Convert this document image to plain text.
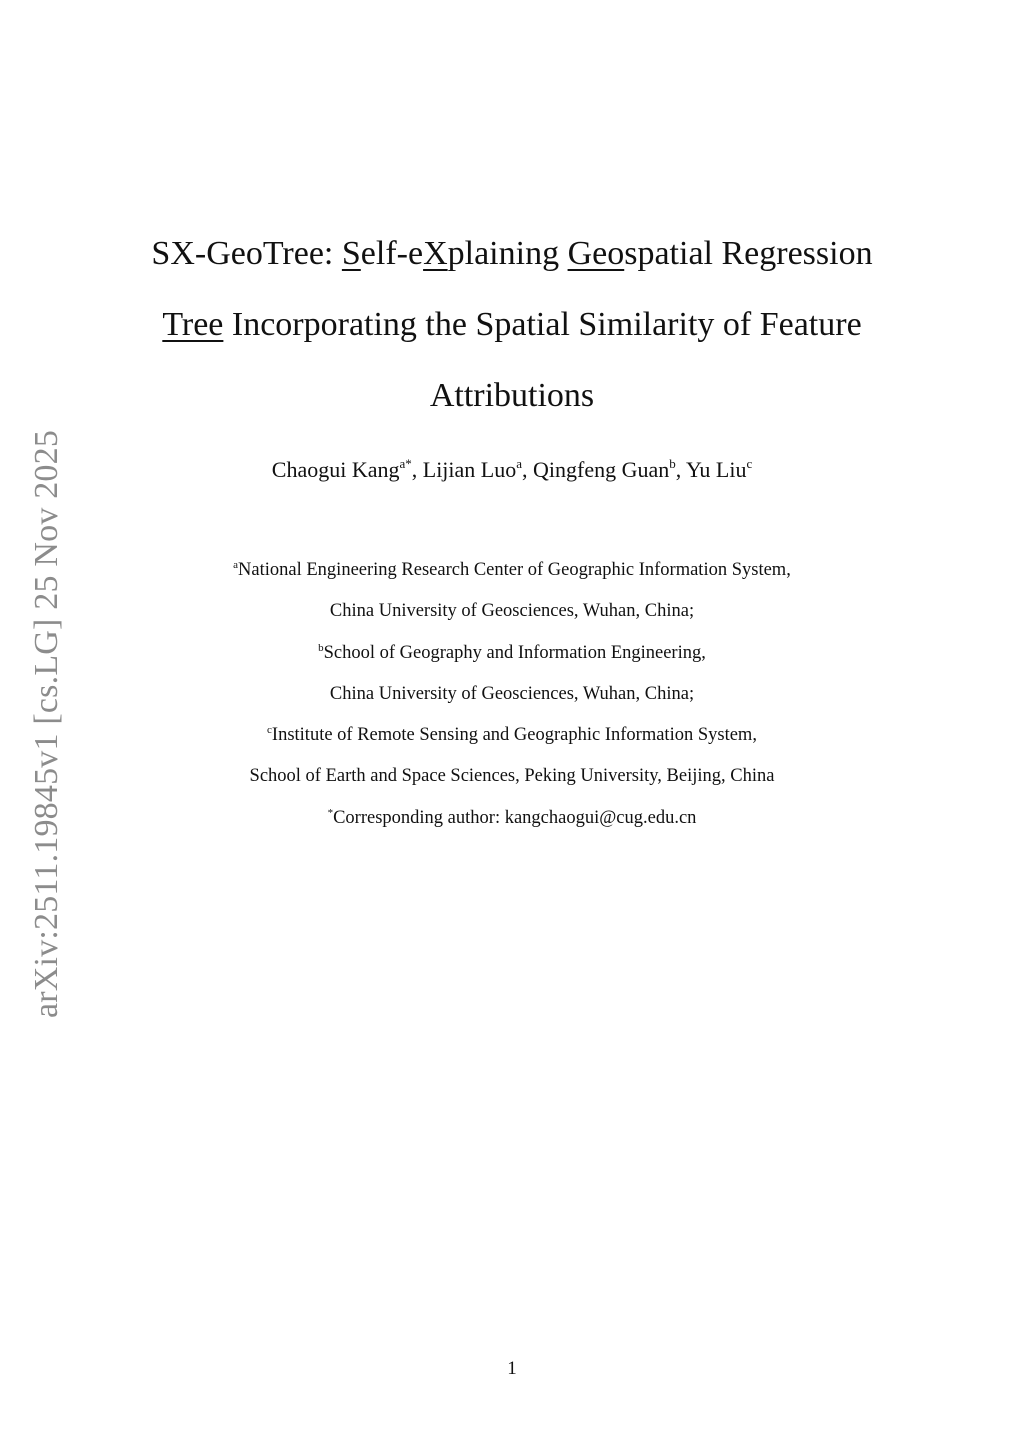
arXiv:2511.19845v1 [cs.LG] 25 Nov 2025
SX-GeoTree: Self-eXplaining Geospatial Regression
Tree Incorporating the Spatial Similarity of Feature
Attributions
Chaogui Kang$^{a*}$, Lijian Luo$^a$, Qingfeng Guan$^b$, Yu Liu$^c$
$^a$National Engineering Research Center of Geographic Information System,
China University of Geosciences, Wuhan, China;
$^b$School of Geography and Information Engineering,
China University of Geosciences, Wuhan, China;
$^c$Institute of Remote Sensing and Geographic Information System,
School of Earth and Space Sciences, Peking University, Beijing, China
*Corresponding author: kangchaogui@cug.edu.cn
1
